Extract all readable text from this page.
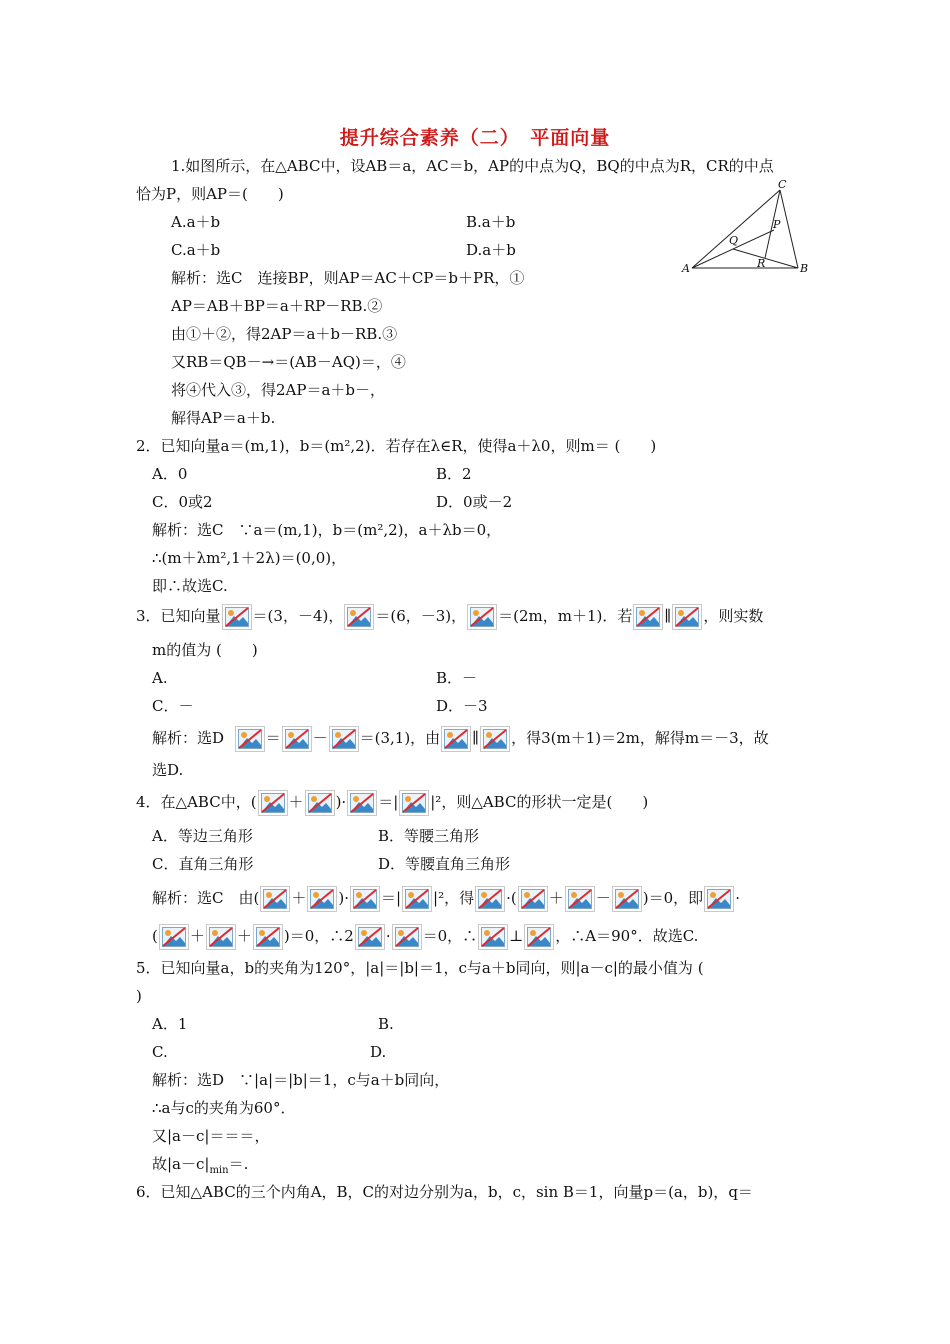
提升综合素养（二）　平面向量
1.如图所示，在△ABC中，设AB＝a，AC＝b，AP的中点为Q，BQ的中点为R，CR的中点
恰为P，则AP＝(　　)
A.a＋b	B.a＋b
C.a＋b	D.a＋b
解析：选C　连接BP，则AP＝AC＋CP＝b＋PR，①
AP＝AB＋BP＝a＋RP－RB.②
由①＋②，得2AP＝a＋b－RB.③
又RB＝QB－→＝(AB－AQ)＝，④
将④代入③，得2AP＝a＋b－，
解得AP＝a＋b.
A	B
C
P
Q
R
2．已知向量a＝(m,1)，b＝(m²,2)．若存在λ∈R，使得a＋λ0，则m＝ (　　)
A．0	B．2
C．0或2	D．0或－2
解析：选C　∵a＝(m,1)，b＝(m²,2)，a＋λb＝0，
∴(m＋λm²,1＋2λ)＝(0,0)，
即∴故选C.
3．已知向量 ＝(3，－4)， ＝(6，－3)， ＝(2m，m＋1)．若 ∥ ，则实数
m的值为 (　　)
A.	B．－
C．－	D．－3
解析：选D	＝ － ＝(3,1)，由 ∥ ，得3(m＋1)＝2m，解得m＝－3，故
选D.
4．在△ABC中，( ＋ )· ＝| |²，则△ABC的形状一定是(　　)
A．等边三角形	B．等腰三角形
C．直角三角形	D．等腰直角三角形
解析：选C　由( ＋ )· ＝| |²，得 ·( ＋ － )＝0，即 ·
( ＋ ＋ )＝0，∴2 · ＝0，∴ ⊥ ，∴A＝90°．故选C.
5．已知向量a，b的夹角为120°，|a|＝|b|＝1，c与a＋b同向，则|a－c|的最小值为 (
)
A．1	B.
C.	D.
解析：选D　∵|a|＝|b|＝1，c与a＋b同向，
∴a与c的夹角为60°．
又|a－c|＝＝＝，
故$|a-c|_{min}=$.
6．已知△ABC的三个内角A，B，C的对边分别为a，b，c，sin B＝1，向量p＝(a，b)，q＝
